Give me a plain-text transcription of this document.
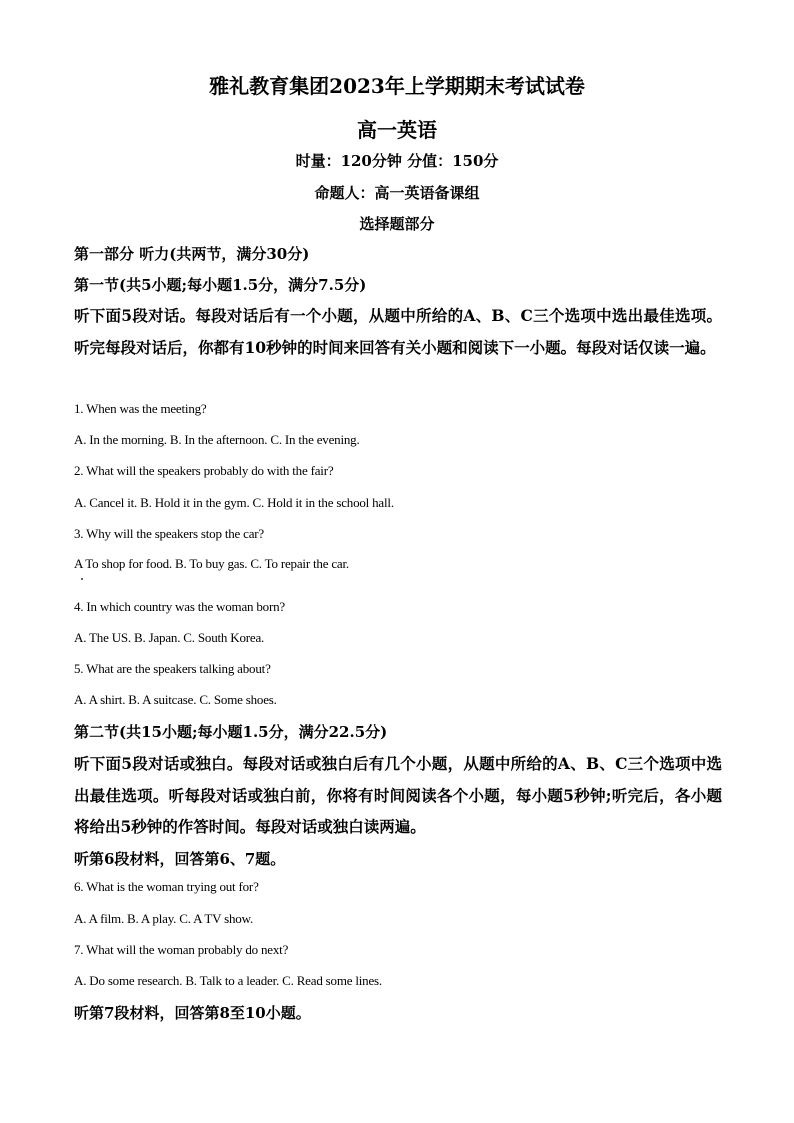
雅礼教育集团2023年上学期期末考试试卷
高一英语
时量：120分钟 分值：150分
命题人：高一英语备课组
选择题部分
第一部分 听力(共两节，满分30分)
第一节(共5小题;每小题1.5分，满分7.5分)
听下面5段对话。每段对话后有一个小题，从题中所给的A、B、C三个选项中选出最佳选项。听完每段对话后，你都有10秒钟的时间来回答有关小题和阅读下一小题。每段对话仅读一遍。
1. When was the meeting?
A. In the morning. B. In the afternoon. C. In the evening.
2. What will the speakers probably do with the fair?
A. Cancel it. B. Hold it in the gym. C. Hold it in the school hall.
3. Why will the speakers stop the car?
A To shop for food. B. To buy gas. C. To repair the car.
4. In which country was the woman born?
A. The US. B. Japan. C. South Korea.
5. What are the speakers talking about?
A. A shirt. B. A suitcase. C. Some shoes.
第二节(共15小题;每小题1.5分，满分22.5分)
听下面5段对话或独白。每段对话或独白后有几个小题，从题中所给的A、B、C三个选项中选出最佳选项。听每段对话或独白前，你将有时间阅读各个小题，每小题5秒钟;听完后，各小题将给出5秒钟的作答时间。每段对话或独白读两遍。
听第6段材料，回答第6、7题。
6. What is the woman trying out for?
A. A film. B. A play. C. A TV show.
7. What will the woman probably do next?
A. Do some research. B. Talk to a leader. C. Read some lines.
听第7段材料，回答第8至10小题。
